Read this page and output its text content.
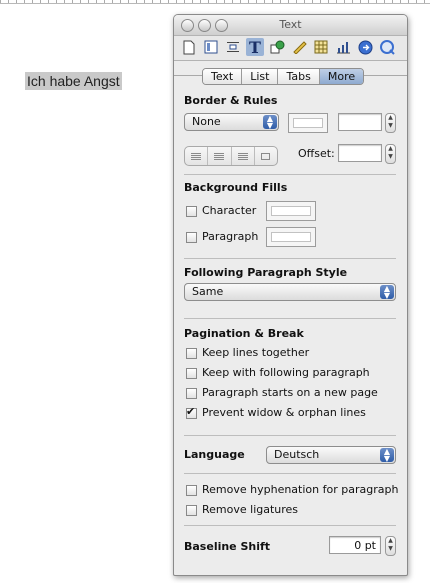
Ich habe Angst
Text
T
Text	List	Tabs	More
Border & Rules
None	▲
▼
▲
▼
Offset:	▲
▼
Background Fills
Character
Paragraph
Following Paragraph Style
Same	▲
▼
Pagination & Break
Keep lines together
Keep with following paragraph
Paragraph starts on a new page
✔
Prevent widow & orphan lines
Language	Deutsch	▲
▼
Remove hyphenation for paragraph
Remove ligatures
Baseline Shift	0 pt	▲
▼
